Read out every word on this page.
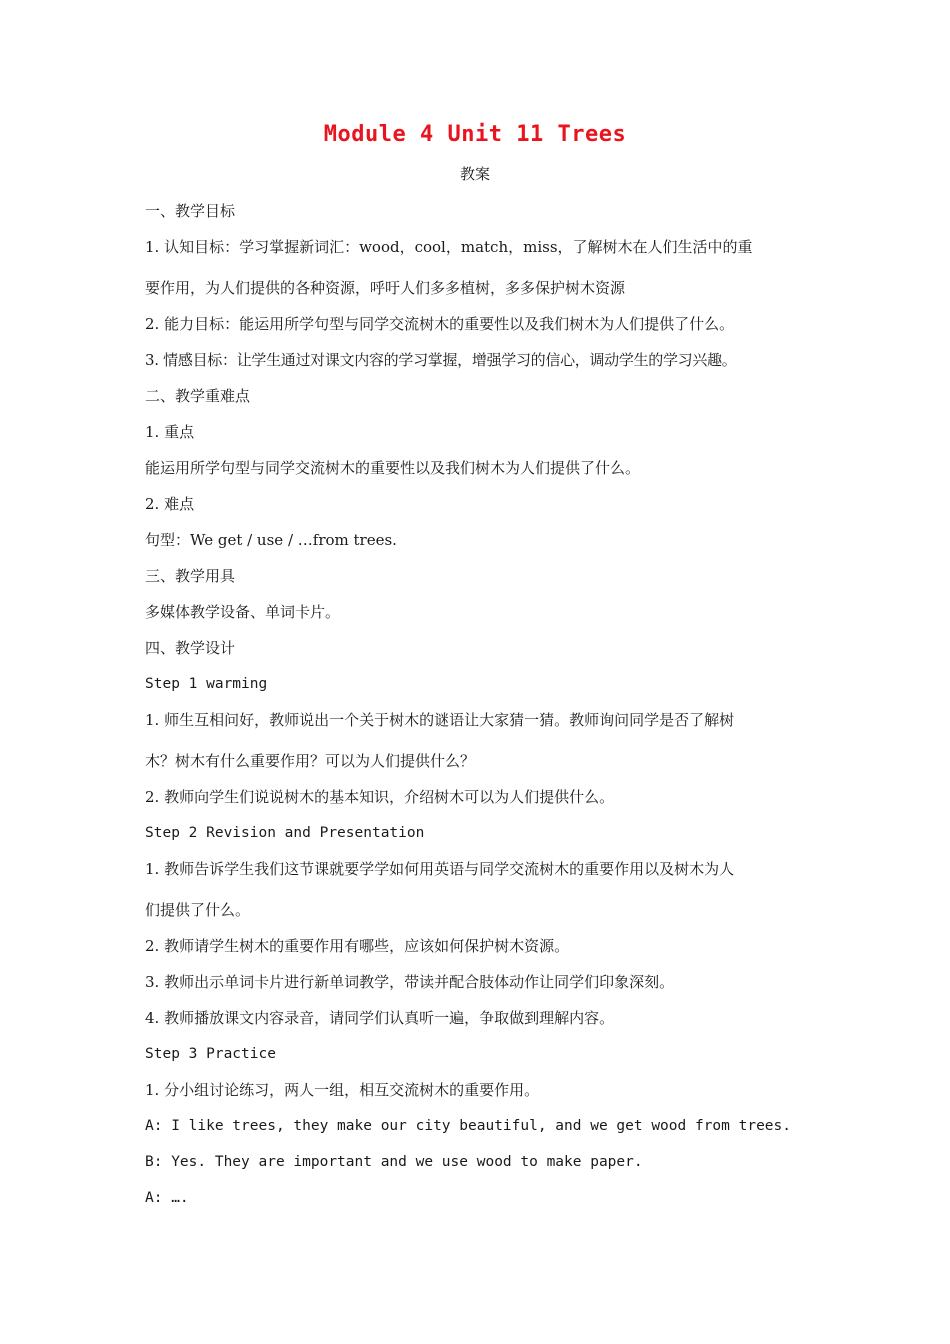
Module 4 Unit 11 Trees
教案
一、教学目标
1. 认知目标：学习掌握新词汇：wood，cool，match，miss，了解树木在人们生活中的重
要作用，为人们提供的各种资源，呼吁人们多多植树，多多保护树木资源
2. 能力目标：能运用所学句型与同学交流树木的重要性以及我们树木为人们提供了什么。
3. 情感目标：让学生通过对课文内容的学习掌握，增强学习的信心，调动学生的学习兴趣。
二、教学重难点
1. 重点
能运用所学句型与同学交流树木的重要性以及我们树木为人们提供了什么。
2. 难点
句型：We get / use / …from trees.
三、教学用具
多媒体教学设备、单词卡片。
四、教学设计
Step 1 warming
1. 师生互相问好，教师说出一个关于树木的谜语让大家猜一猜。教师询问同学是否了解树
木？树木有什么重要作用？可以为人们提供什么？
2. 教师向学生们说说树木的基本知识，介绍树木可以为人们提供什么。
Step 2 Revision and Presentation
1. 教师告诉学生我们这节课就要学学如何用英语与同学交流树木的重要作用以及树木为人
们提供了什么。
2. 教师请学生树木的重要作用有哪些，应该如何保护树木资源。
3. 教师出示单词卡片进行新单词教学，带读并配合肢体动作让同学们印象深刻。
4. 教师播放课文内容录音，请同学们认真听一遍，争取做到理解内容。
Step 3 Practice
1. 分小组讨论练习，两人一组，相互交流树木的重要作用。
A: I like trees, they make our city beautiful, and we get wood from trees.
B: Yes. They are important and we use wood to make paper.
A: ….
